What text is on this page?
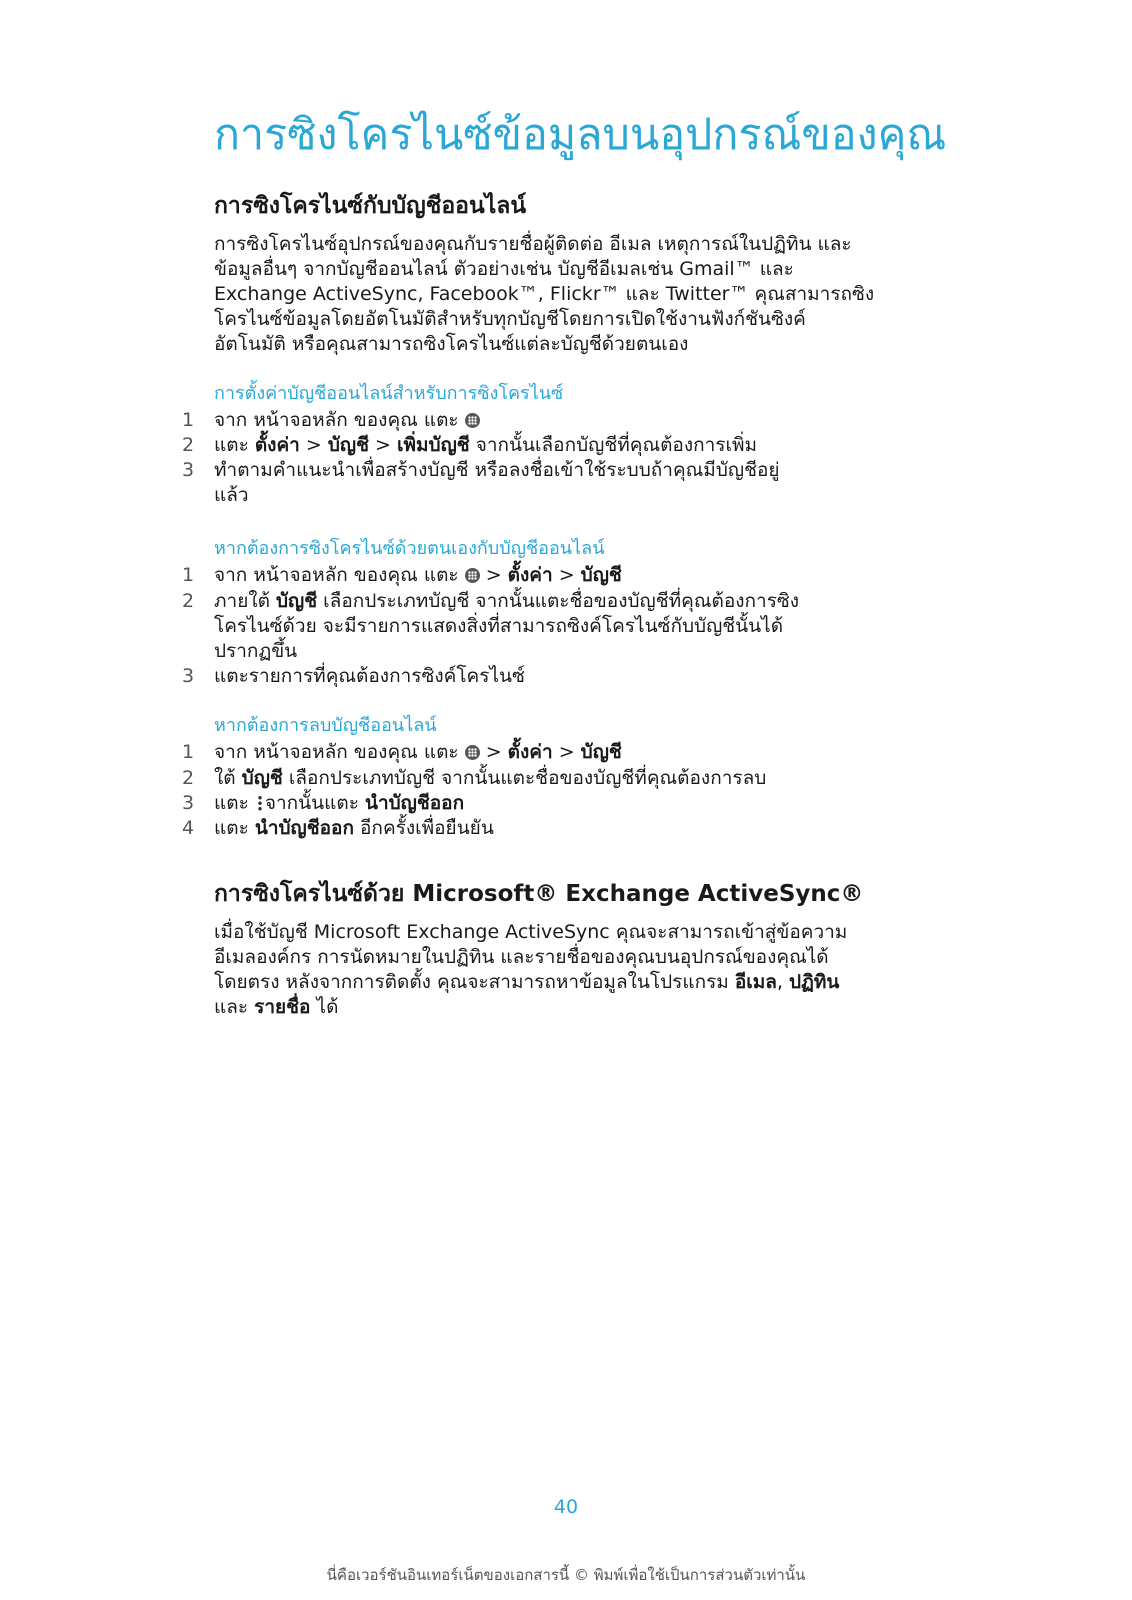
การซิงโครไนซ์ข้อมูลบนอุปกรณ์ของคุณ
การซิงโครไนซ์กับบัญชีออนไลน์
การซิงโครไนซ์อุปกรณ์ของคุณกับรายชื่อผู้ติดต่อ อีเมล เหตุการณ์ในปฏิทิน และ
ข้อมูลอื่นๆ จากบัญชีออนไลน์ ตัวอย่างเช่น บัญชีอีเมลเช่น Gmail™ และ
Exchange ActiveSync, Facebook™, Flickr™ และ Twitter™ คุณสามารถซิง
โครไนซ์ข้อมูลโดยอัตโนมัติสำหรับทุกบัญชีโดยการเปิดใช้งานฟังก์ชันซิงค์
อัตโนมัติ หรือคุณสามารถซิงโครไนซ์แต่ละบัญชีด้วยตนเอง
การตั้งค่าบัญชีออนไลน์สำหรับการซิงโครไนซ์
1	จาก หน้าจอหลัก ของคุณ แตะ
2	แตะ ตั้งค่า > บัญชี > เพิ่มบัญชี จากนั้นเลือกบัญชีที่คุณต้องการเพิ่ม
3	ทำตามคำแนะนำเพื่อสร้างบัญชี หรือลงชื่อเข้าใช้ระบบถ้าคุณมีบัญชีอยู่
แล้ว
หากต้องการซิงโครไนซ์ด้วยตนเองกับบัญชีออนไลน์
1	จาก หน้าจอหลัก ของคุณ แตะ  > ตั้งค่า > บัญชี
2	ภายใต้ บัญชี เลือกประเภทบัญชี จากนั้นแตะชื่อของบัญชีที่คุณต้องการซิง
โครไนซ์ด้วย จะมีรายการแสดงสิ่งที่สามารถซิงค์โครไนซ์กับบัญชีนั้นได้
ปรากฏขึ้น
3	แตะรายการที่คุณต้องการซิงค์โครไนซ์
หากต้องการลบบัญชีออนไลน์
1	จาก หน้าจอหลัก ของคุณ แตะ  > ตั้งค่า > บัญชี
2	ใต้ บัญชี เลือกประเภทบัญชี จากนั้นแตะชื่อของบัญชีที่คุณต้องการลบ
3	แตะ จากนั้นแตะ นำบัญชีออก
4	แตะ นำบัญชีออก อีกครั้งเพื่อยืนยัน
การซิงโครไนซ์ด้วย Microsoft® Exchange ActiveSync®
เมื่อใช้บัญชี Microsoft Exchange ActiveSync คุณจะสามารถเข้าสู่ข้อความ
อีเมลองค์กร การนัดหมายในปฏิทิน และรายชื่อของคุณบนอุปกรณ์ของคุณได้
โดยตรง หลังจากการติดตั้ง คุณจะสามารถหาข้อมูลในโปรแกรม อีเมล, ปฏิทิน
และ รายชื่อ ได้
40
นี่คือเวอร์ชันอินเทอร์เน็ตของเอกสารนี้ © พิมพ์เพื่อใช้เป็นการส่วนตัวเท่านั้น
